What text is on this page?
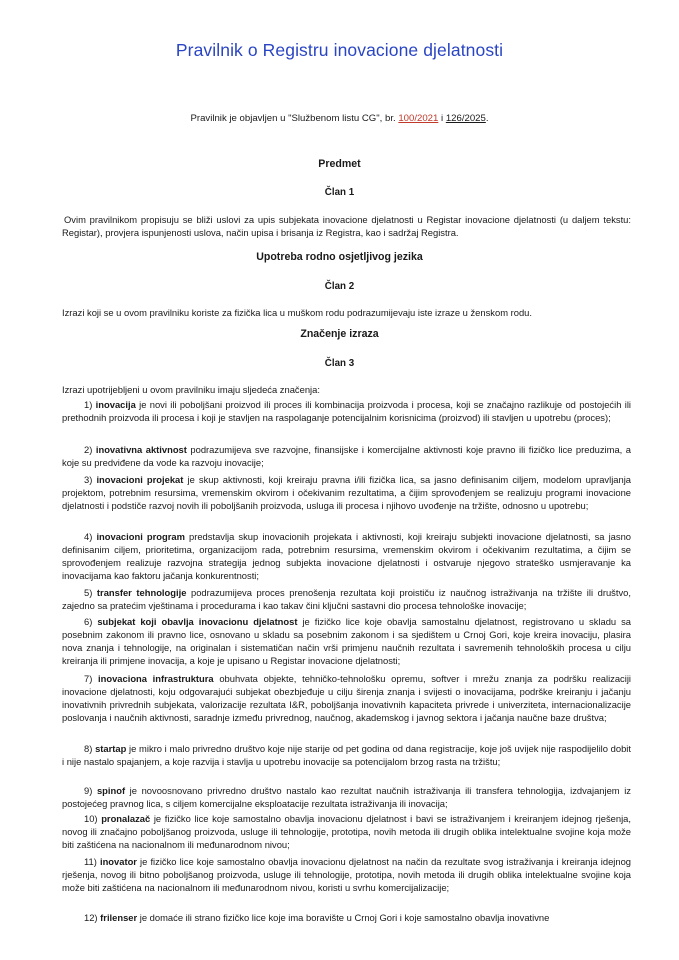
Pravilnik o Registru inovacione djelatnosti
Pravilnik je objavljen u "Službenom listu CG", br. 100/2021 i 126/2025.
Predmet
Član 1
Ovim pravilnikom propisuju se bliži uslovi za upis subjekata inovacione djelatnosti u Registar inovacione djelatnosti (u daljem tekstu: Registar), provjera ispunjenosti uslova, način upisa i brisanja iz Registra, kao i sadržaj Registra.
Upotreba rodno osjetljivog jezika
Član 2
Izrazi koji se u ovom pravilniku koriste za fizička lica u muškom rodu podrazumijevaju iste izraze u ženskom rodu.
Značenje izraza
Član 3
Izrazi upotrijebljeni u ovom pravilniku imaju sljedeća značenja:
1) inovacija je novi ili poboljšani proizvod ili proces ili kombinacija proizvoda i procesa, koji se značajno razlikuje od postojećih ili prethodnih proizvoda ili procesa i koji je stavljen na raspolaganje potencijalnim korisnicima (proizvod) ili stavljen u upotrebu (proces);
2) inovativna aktivnost podrazumijeva sve razvojne, finansijske i komercijalne aktivnosti koje pravno ili fizičko lice preduzima, a koje su predviđene da vode ka razvoju inovacije;
3) inovacioni projekat je skup aktivnosti, koji kreiraju pravna i/ili fizička lica, sa jasno definisanim ciljem, modelom upravljanja projektom, potrebnim resursima, vremenskim okvirom i očekivanim rezultatima, a čijim sprovođenjem se realizuju programi inovacione djelatnosti i podstiče razvoj novih ili poboljšanih proizvoda, usluga ili procesa i njihovo uvođenje na tržište, odnosno u upotrebu;
4) inovacioni program predstavlja skup inovacionih projekata i aktivnosti, koji kreiraju subjekti inovacione djelatnosti, sa jasno definisanim ciljem, prioritetima, organizacijom rada, potrebnim resursima, vremenskim okvirom i očekivanim rezultatima, a čijim se sprovođenjem realizuje razvojna strategija jednog subjekta inovacione djelatnosti i ostvaruje njegovo strateško usmjeravanje ka inovacijama kao faktoru jačanja konkurentnosti;
5) transfer tehnologije podrazumijeva proces prenošenja rezultata koji proističu iz naučnog istraživanja na tržište ili društvo, zajedno sa pratećim vještinama i procedurama i kao takav čini ključni sastavni dio procesa tehnološke inovacije;
6) subjekat koji obavlja inovacionu djelatnost je fizičko lice koje obavlja samostalnu djelatnost, registrovano u skladu sa posebnim zakonom ili pravno lice, osnovano u skladu sa posebnim zakonom i sa sjedištem u Crnoj Gori, koje kreira inovaciju, plasira nova znanja i tehnologije, na originalan i sistematičan način vrši primjenu naučnih rezultata i savremenih tehnoloških procesa u cilju kreiranja ili primjene inovacija, a koje je upisano u Registar inovacione djelatnosti;
7) inovaciona infrastruktura obuhvata objekte, tehničko-tehnološku opremu, softver i mrežu znanja za podršku realizaciji inovacione djelatnosti, koju odgovarajući subjekat obezbjeđuje u cilju širenja znanja i svijesti o inovacijama, podrške kreiranju i jačanju inovativnih privrednih subjekata, valorizacije rezultata I&R, poboljšanja inovativnih kapaciteta privrede i univerziteta, internacionalizacije poslovanja i naučnih aktivnosti, saradnje između privrednog, naučnog, akademskog i javnog sektora i jačanja naučne baze društva;
8) startap je mikro i malo privredno društvo koje nije starije od pet godina od dana registracije, koje još uvijek nije raspodijelilo dobit i nije nastalo spajanjem, a koje razvija i stavlja u upotrebu inovacije sa potencijalom brzog rasta na tržištu;
9) spinof je novoosnovano privredno društvo nastalo kao rezultat naučnih istraživanja ili transfera tehnologija, izdvajanjem iz postojećeg pravnog lica, s ciljem komercijalne eksploatacije rezultata istraživanja ili inovacija;
10) pronalazač je fizičko lice koje samostalno obavlja inovacionu djelatnost i bavi se istraživanjem i kreiranjem idejnog rješenja, novog ili značajno poboljšanog proizvoda, usluge ili tehnologije, prototipa, novih metoda ili drugih oblika intelektualne svojine koja može biti zaštićena na nacionalnom ili međunarodnom nivou;
11) inovator je fizičko lice koje samostalno obavlja inovacionu djelatnost na način da rezultate svog istraživanja i kreiranja idejnog rješenja, novog ili bitno poboljšanog proizvoda, usluge ili tehnologije, prototipa, novih metoda ili drugih oblika intelektualne svojine koja može biti zaštićena na nacionalnom ili međunarodnom nivou, koristi u svrhu komercijalizacije;
12) frilenser je domaće ili strano fizičko lice koje ima boravište u Crnoj Gori i koje samostalno obavlja inovativne
